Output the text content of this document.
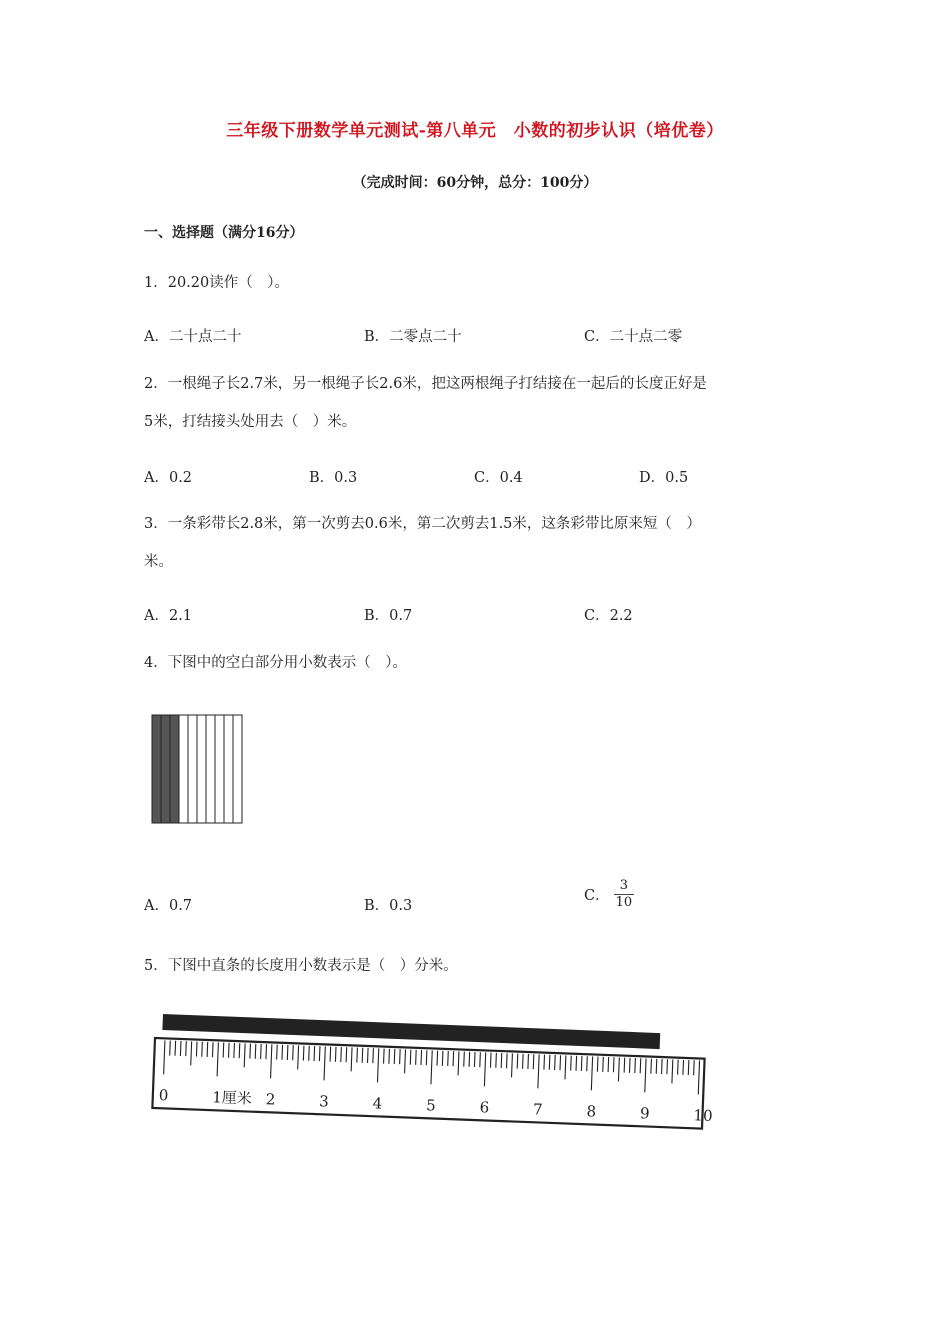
三年级下册数学单元测试-第八单元　小数的初步认识（培优卷）
（完成时间：60分钟，总分：100分）
一、选择题（满分16分）
1．20.20读作（　）。
A．二十点二十	B．二零点二十	C．二十点二零
2．一根绳子长2.7米，另一根绳子长2.6米，把这两根绳子打结接在一起后的长度正好是
5米，打结接头处用去（　）米。
A．0.2	B．0.3	C．0.4	D．0.5
3．一条彩带长2.8米，第一次剪去0.6米，第二次剪去1.5米，这条彩带比原来短（　）
米。
A．2.1	B．0.7	C．2.2
4．下图中的空白部分用小数表示（　）。
A．0.7	B．0.3
C． $\frac{3}{10}$
5．下图中直条的长度用小数表示是（　）分米。
0	1厘米 2	3	4	5	6	7	8	9	10
